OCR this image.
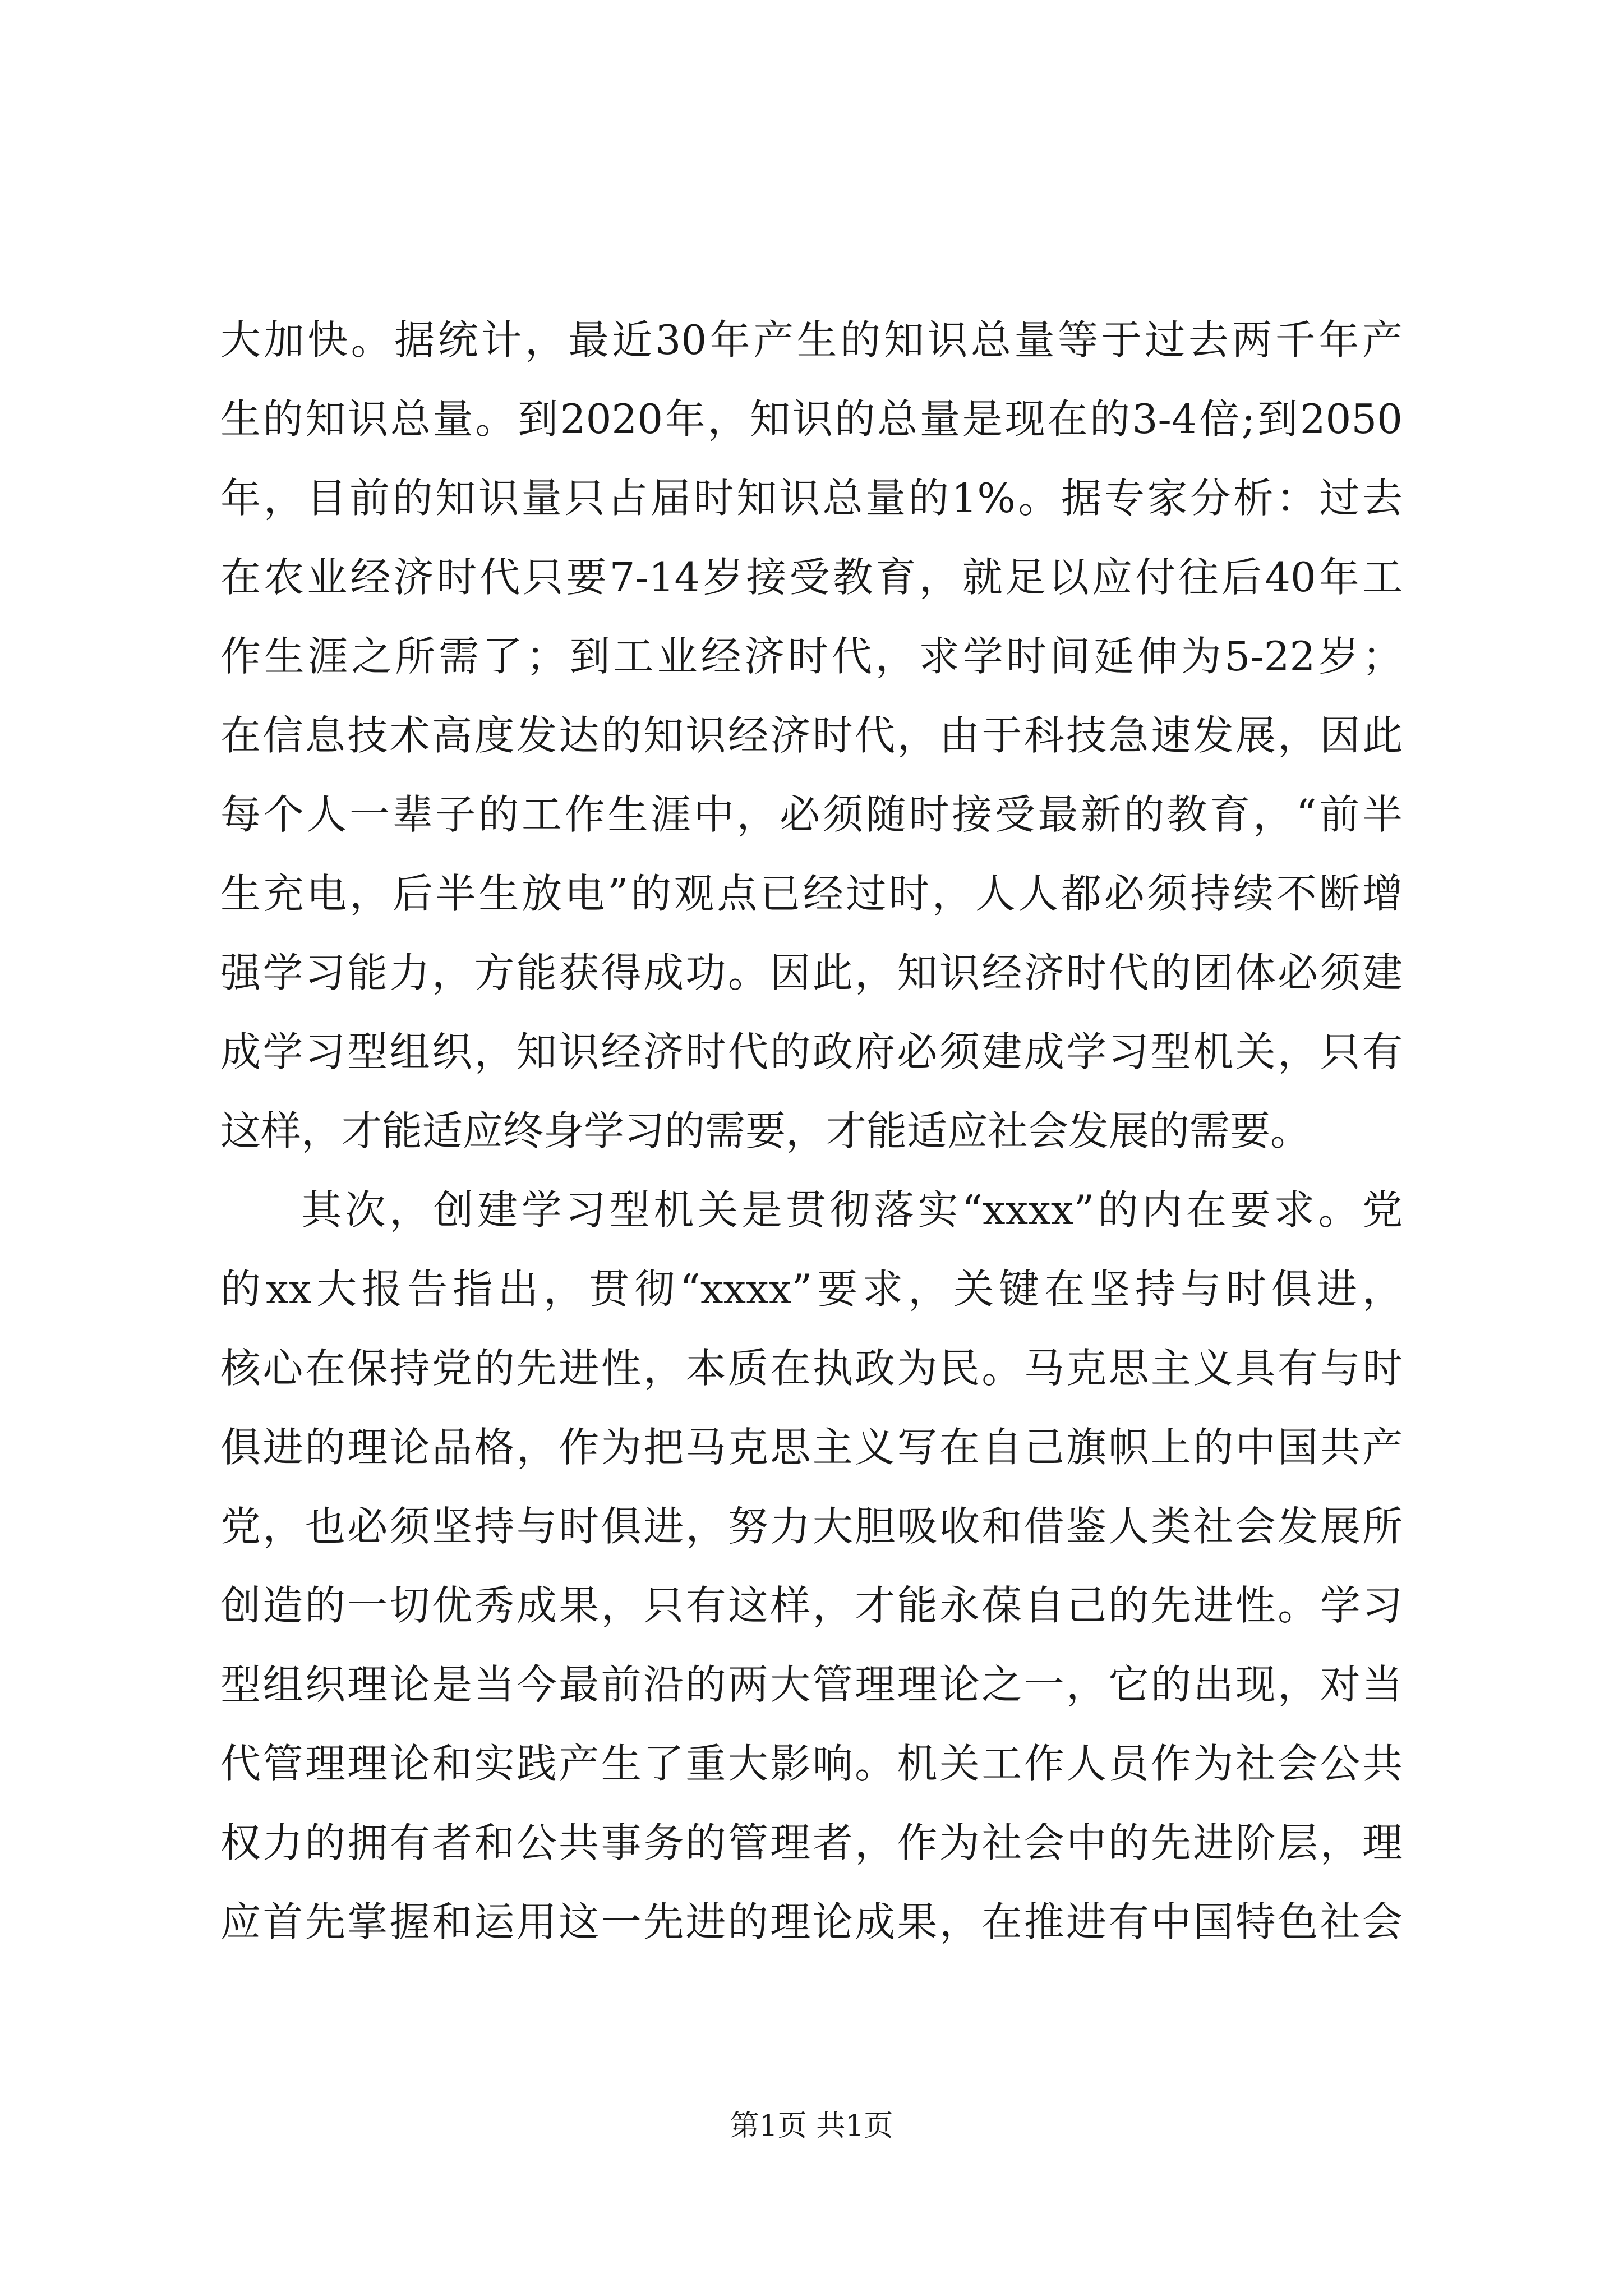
大加快。据统计，最近30年产生的知识总量等于过去两千年产
生的知识总量。到2020年，知识的总量是现在的3-4倍;到2050
年，目前的知识量只占届时知识总量的1%。据专家分析：过去
在农业经济时代只要7-14岁接受教育，就足以应付往后40年工
作生涯之所需了；到工业经济时代，求学时间延伸为5-22岁；
在信息技术高度发达的知识经济时代，由于科技急速发展，因此
每个人一辈子的工作生涯中，必须随时接受最新的教育，“前半
生充电，后半生放电”的观点已经过时，人人都必须持续不断增
强学习能力，方能获得成功。因此，知识经济时代的团体必须建
成学习型组织，知识经济时代的政府必须建成学习型机关，只有
这样，才能适应终身学习的需要，才能适应社会发展的需要。
其次，创建学习型机关是贯彻落实“xxxx”的内在要求。党
的xx大报告指出，贯彻“xxxx”要求，关键在坚持与时俱进，
核心在保持党的先进性，本质在执政为民。马克思主义具有与时
俱进的理论品格，作为把马克思主义写在自己旗帜上的中国共产
党，也必须坚持与时俱进，努力大胆吸收和借鉴人类社会发展所
创造的一切优秀成果，只有这样，才能永葆自己的先进性。学习
型组织理论是当今最前沿的两大管理理论之一，它的出现，对当
代管理理论和实践产生了重大影响。机关工作人员作为社会公共
权力的拥有者和公共事务的管理者，作为社会中的先进阶层，理
应首先掌握和运用这一先进的理论成果，在推进有中国特色社会
第1页 共1页
